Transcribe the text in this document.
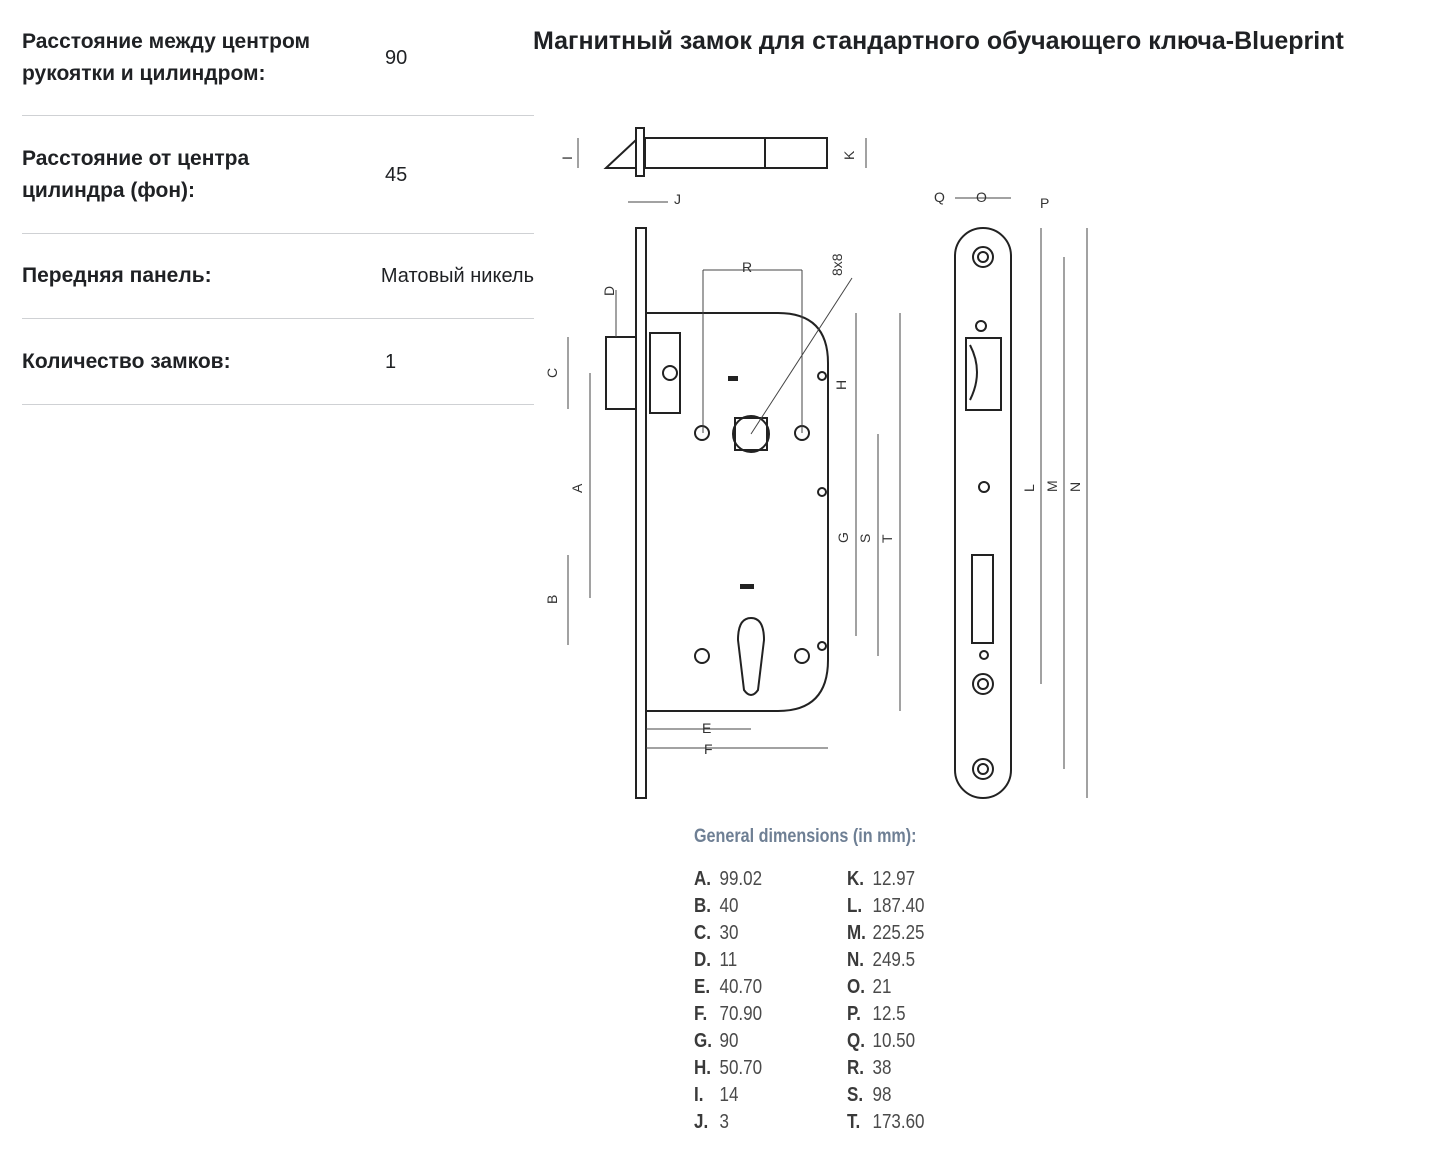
Расстояние между центром рукоятки и цилиндром:
90
Расстояние от центра цилиндра (фон):
45
Передняя панель:	Матовый никель
Количество замков:	1
Магнитный замок для стандартного обучающего ключа-Blueprint
I
J
K
Q O	P
D
R	8x8
C
H
A
G S T
B
E
F
L M N
General dimensions (in mm):
A. 99.02
B. 40
C. 30
D. 11
E. 40.70
F. 70.90
G. 90
H. 50.70
I. 14
J. 3
K. 12.97
L. 187.40
M. 225.25
N. 249.5
O. 21
P. 12.5
Q. 10.50
R. 38
S. 98
T. 173.60
